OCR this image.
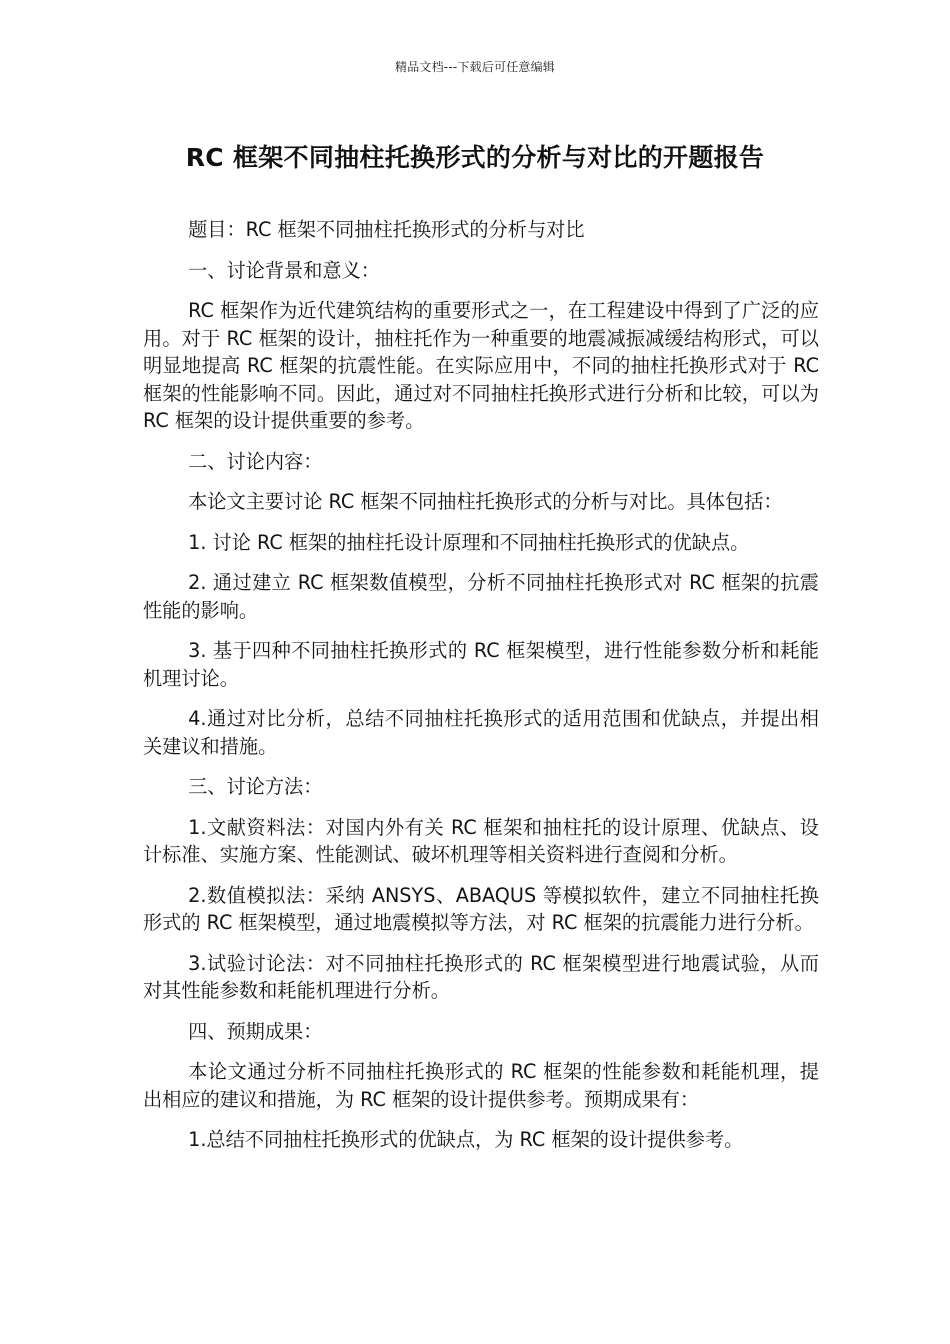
精品文档---下载后可任意编辑
RC 框架不同抽柱托换形式的分析与对比的开题报告

题目：RC 框架不同抽柱托换形式的分析与对比

一、讨论背景和意义：

RC 框架作为近代建筑结构的重要形式之一，在工程建设中得到了广泛的应用。对于 RC 框架的设计，抽柱托作为一种重要的地震减振减缓结构形式，可以明显地提高 RC 框架的抗震性能。在实际应用中，不同的抽柱托换形式对于 RC 框架的性能影响不同。因此，通过对不同抽柱托换形式进行分析和比较，可以为 RC 框架的设计提供重要的参考。

二、讨论内容：

本论文主要讨论 RC 框架不同抽柱托换形式的分析与对比。具体包括：

1. 讨论 RC 框架的抽柱托设计原理和不同抽柱托换形式的优缺点。

2. 通过建立 RC 框架数值模型，分析不同抽柱托换形式对 RC 框架的抗震性能的影响。

3. 基于四种不同抽柱托换形式的 RC 框架模型，进行性能参数分析和耗能机理讨论。

4.通过对比分析，总结不同抽柱托换形式的适用范围和优缺点，并提出相关建议和措施。

三、讨论方法：

1.文献资料法：对国内外有关 RC 框架和抽柱托的设计原理、优缺点、设计标准、实施方案、性能测试、破坏机理等相关资料进行查阅和分析。

2.数值模拟法：采纳 ANSYS、ABAQUS 等模拟软件，建立不同抽柱托换形式的 RC 框架模型，通过地震模拟等方法，对 RC 框架的抗震能力进行分析。

3.试验讨论法：对不同抽柱托换形式的 RC 框架模型进行地震试验，从而对其性能参数和耗能机理进行分析。

四、预期成果：

本论文通过分析不同抽柱托换形式的 RC 框架的性能参数和耗能机理，提出相应的建议和措施，为 RC 框架的设计提供参考。预期成果有：

1.总结不同抽柱托换形式的优缺点，为 RC 框架的设计提供参考。
